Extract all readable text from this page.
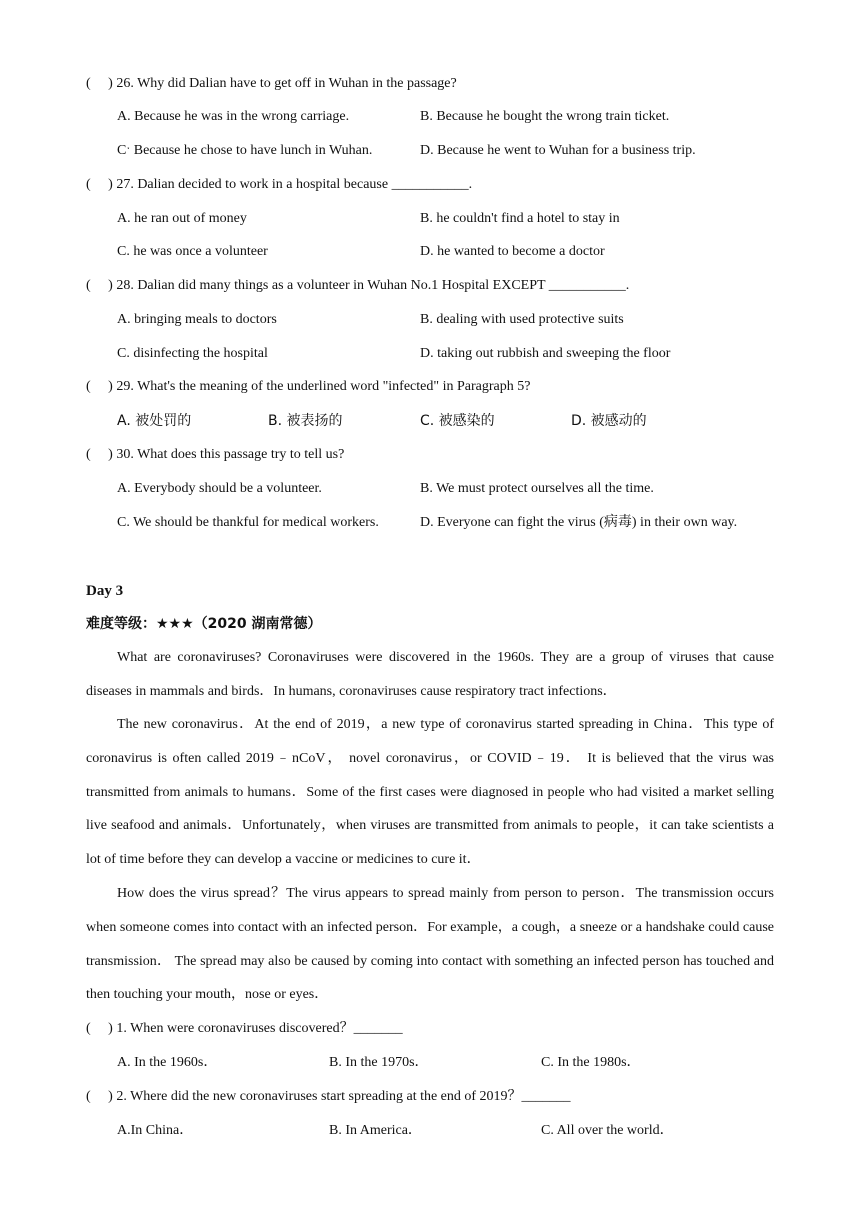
(     ) 26. Why did Dalian have to get off in Wuhan in the passage?
A. Because he was in the wrong carriage.	B. Because he bought the wrong train ticket.
Cˑ Because he chose to have lunch in Wuhan.	D. Because he went to Wuhan for a business trip.
(     ) 27. Dalian decided to work in a hospital because ___________.
A. he ran out of money	B. he couldn't find a hotel to stay in
C. he was once a volunteer	D. he wanted to become a doctor
(     ) 28. Dalian did many things as a volunteer in Wuhan No.1 Hospital EXCEPT ___________.
A. bringing meals to doctors	B. dealing with used protective suits
C. disinfecting the hospital	D. taking out rubbish and sweeping the floor
(     ) 29. What's the meaning of the underlined word "infected" in Paragraph 5?
A. 被处罚的	B. 被表扬的	C. 被感染的	D. 被感动的
(     ) 30. What does this passage try to tell us?
A. Everybody should be a volunteer.	B. We must protect ourselves all the time.
C. We should be thankful for medical workers.	D. Everyone can fight the virus (病毒) in their own way.
Day 3
难度等级：★★★（2020 湖南常德）
What are coronaviruses? Coronaviruses were discovered in the 1960s. They are a group of viruses that cause diseases in mammals and birds．In humans, coronaviruses cause respiratory tract infections．
The new coronavirus．At the end of 2019，a new type of coronavirus started spreading in China．This type of coronavirus is often called 2019﹣nCoV， novel coronavirus，or COVID﹣19． It is believed that the virus was transmitted from animals to humans．Some of the first cases were diagnosed in people who had visited a market selling live seafood and animals．Unfortunately，when viruses are transmitted from animals to people，it can take scientists a lot of time before they can develop a vaccine or medicines to cure it．
How does the virus spread？The virus appears to spread mainly from person to person．The transmission occurs when someone comes into contact with an infected person．For example，a cough，a sneeze or a handshake could cause transmission． The spread may also be caused by coming into contact with something an infected person has touched and then touching your mouth，nose or eyes．
(     ) 1. When were coronaviruses discovered？_______
A. In the 1960s．	B. In the 1970s．	C. In the 1980s．
(     ) 2. Where did the new coronaviruses start spreading at the end of 2019？_______
A.In China．	B. In America．	C. All over the world．
